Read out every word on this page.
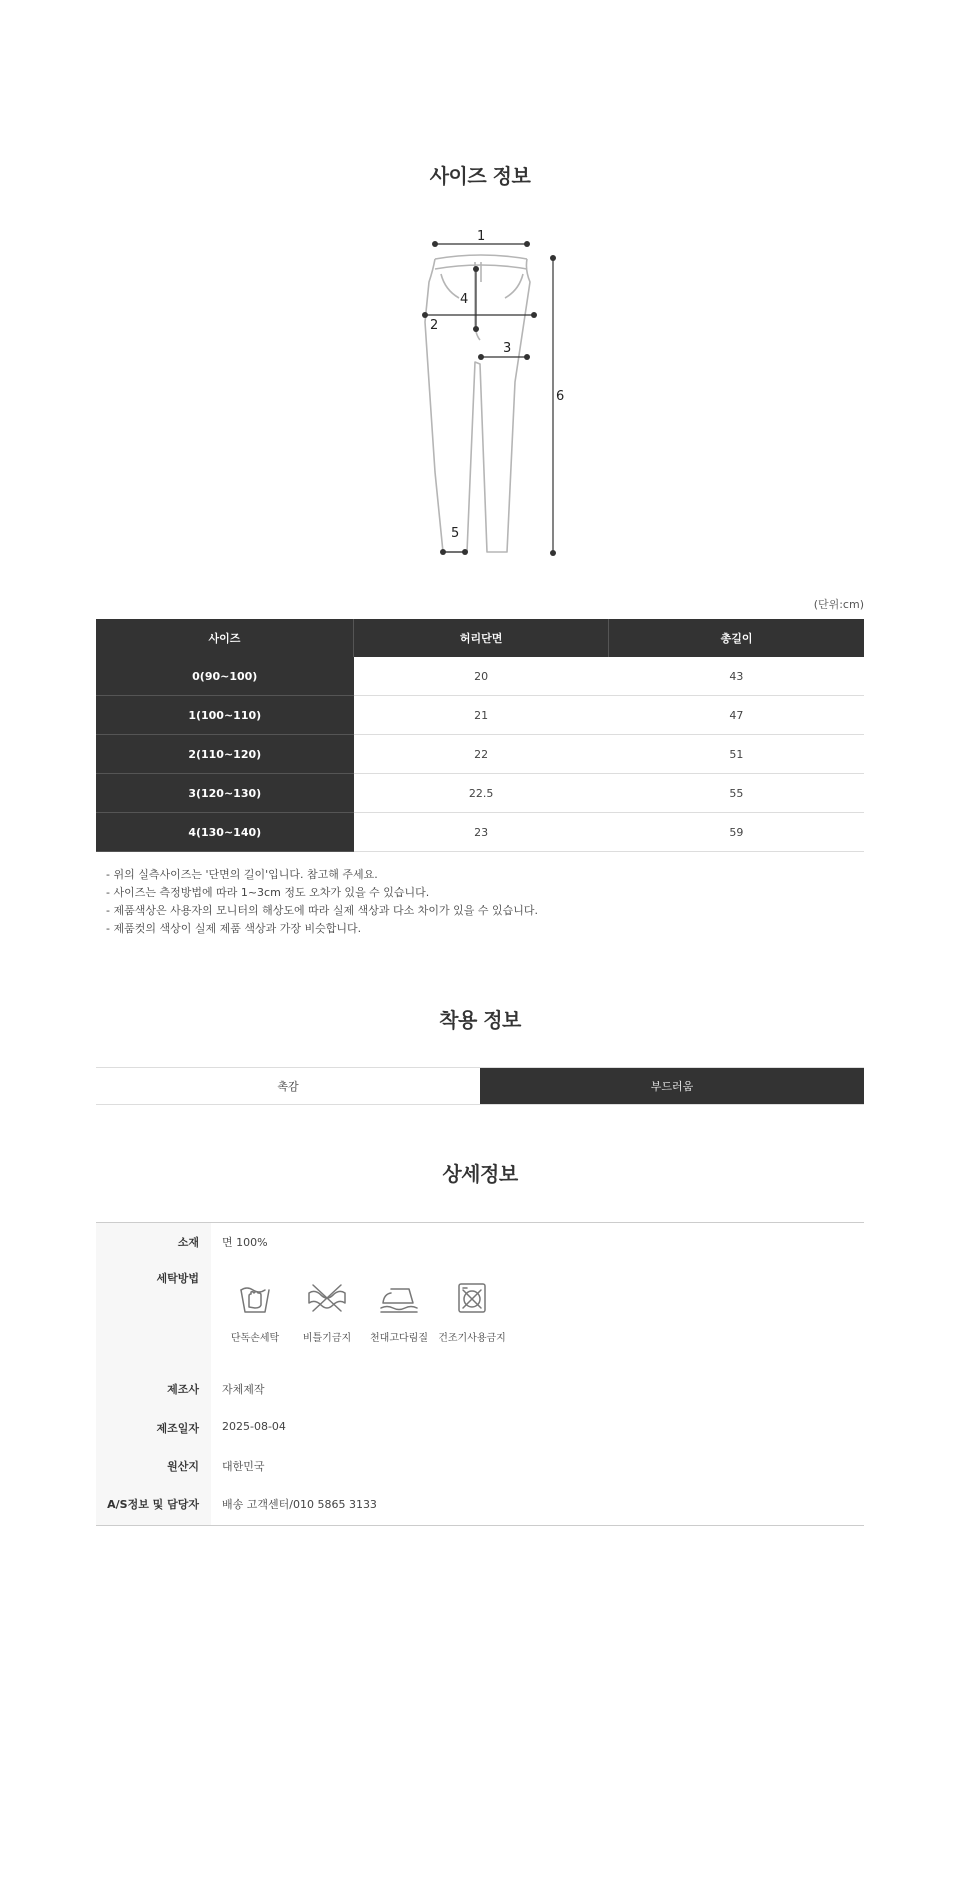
사이즈 정보
1
2
3
4
5
6
(단위:cm)
사이즈	허리단면	총길이
0(90~100)	20	43
1(100~110)	21	47
2(110~120)	22	51
3(120~130)	22.5	55
4(130~140)	23	59
- 위의 실측사이즈는 '단면의 길이'입니다. 참고해 주세요.
- 사이즈는 측정방법에 따라 1~3cm 정도 오차가 있을 수 있습니다.
- 제품색상은 사용자의 모니터의 해상도에 따라 실제 색상과 다소 차이가 있을 수 있습니다.
- 제품컷의 색상이 실제 제품 색상과 가장 비슷합니다.
착용 정보
촉감	부드러움
상세정보
소재 면 100%
세탁방법
단독손세탁	비틀기금지	천대고다림질	건조기사용금지
제조사 자체제작
제조일자 2025-08-04
원산지 대한민국
A/S정보 및 담당자 배송 고객센터/010 5865 3133
